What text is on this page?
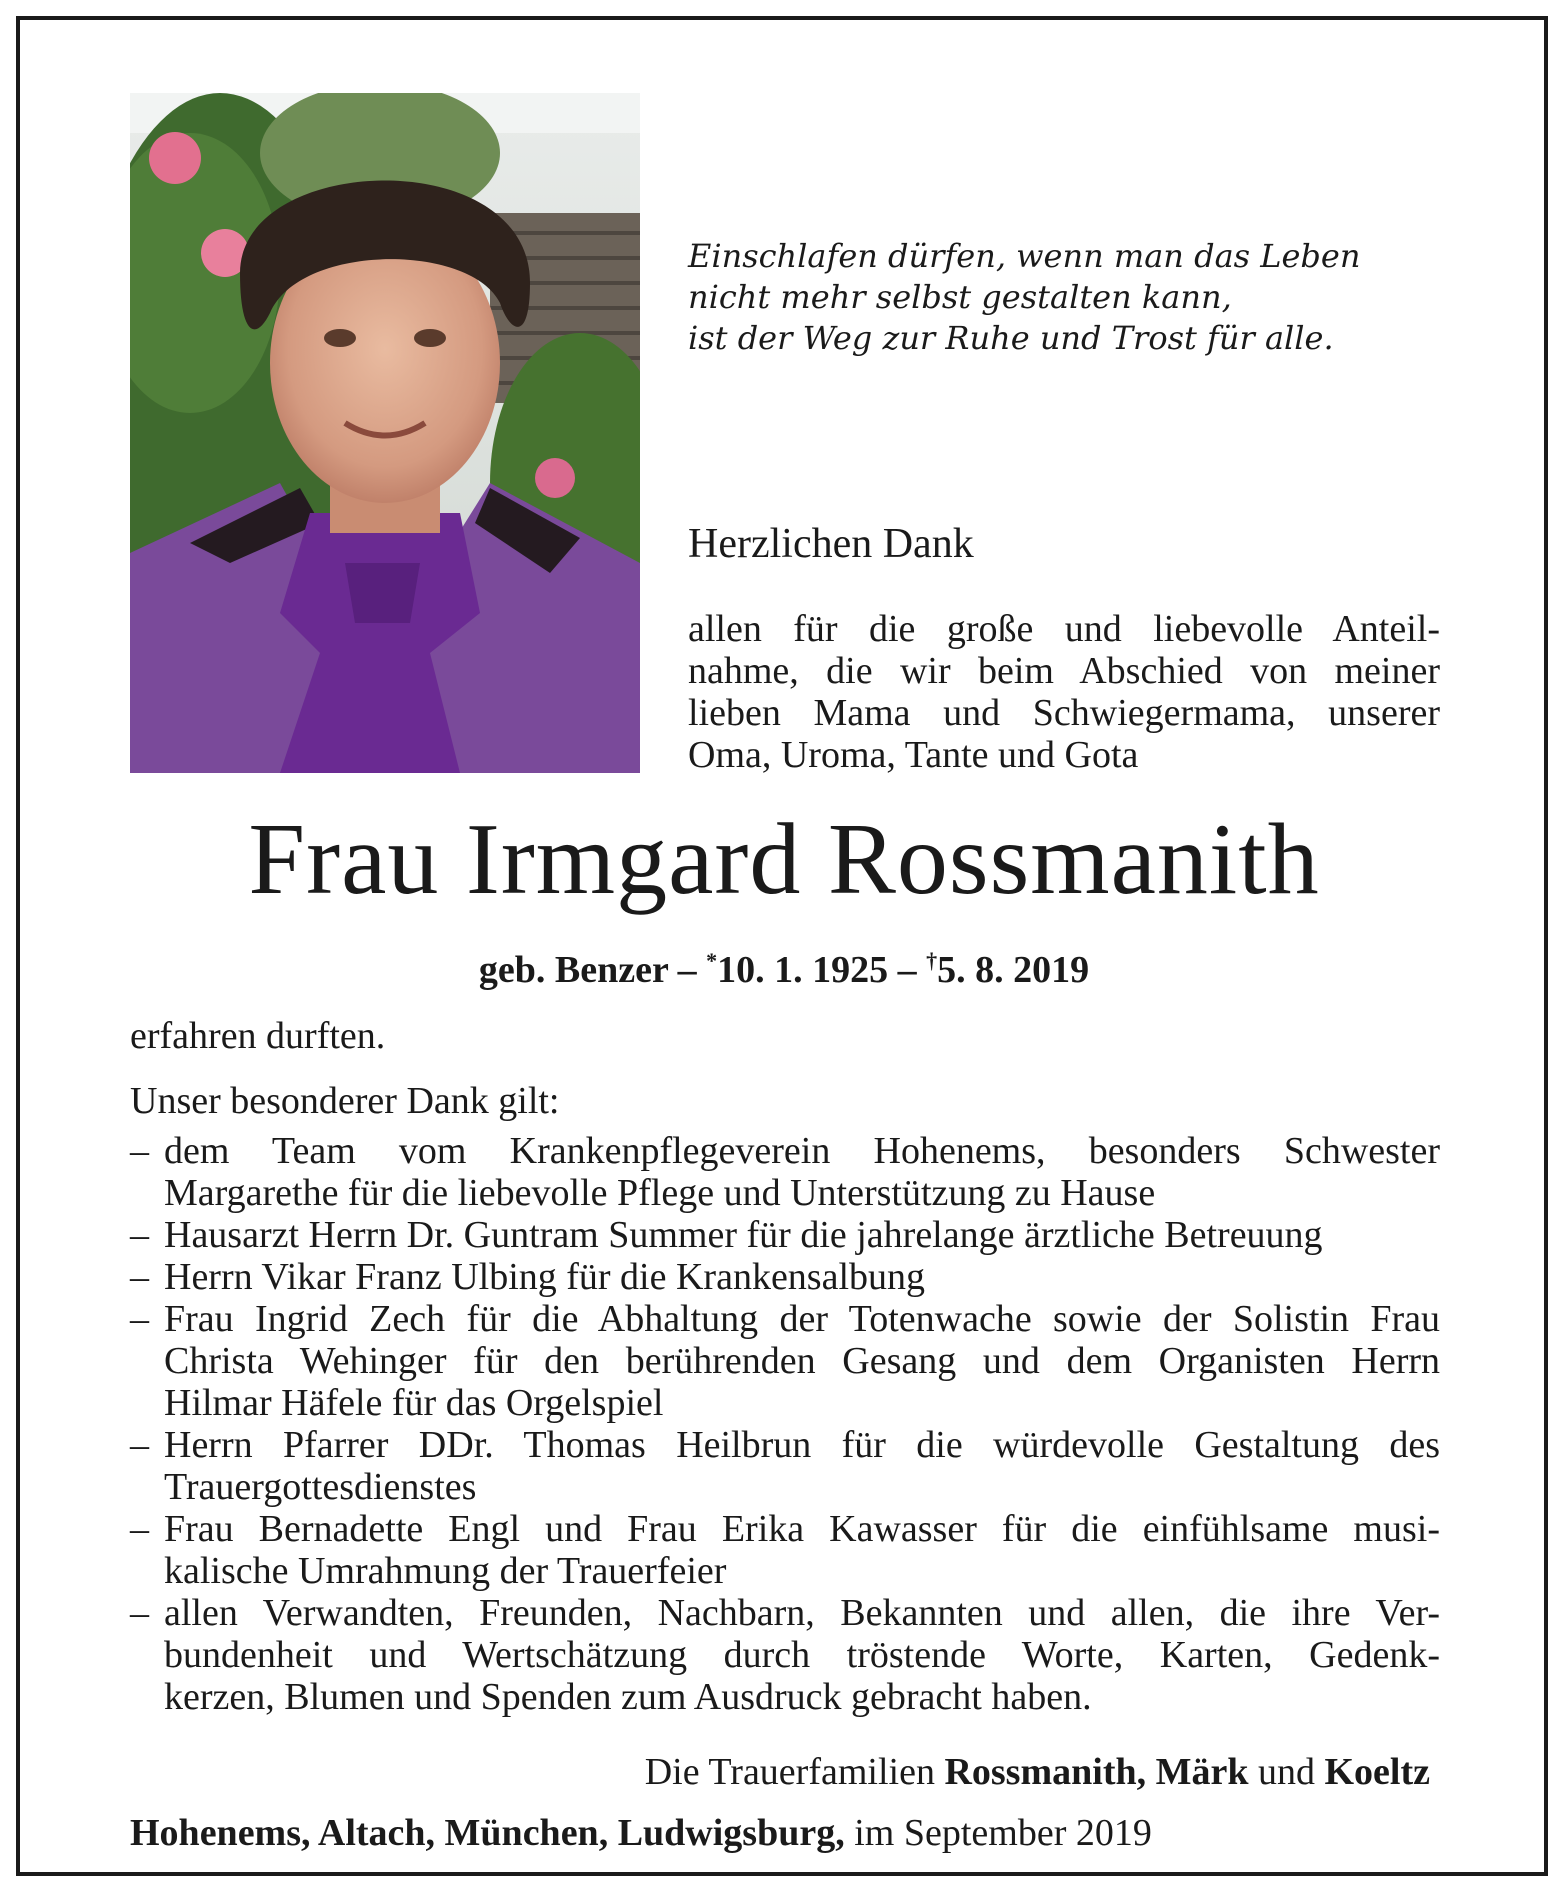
Einschlafen dürfen, wenn man das Leben
nicht mehr selbst gestalten kann,
ist der Weg zur Ruhe und Trost für alle.
Herzlichen Dank
allen für die große und liebevolle Anteil-
nahme, die wir beim Abschied von meiner
lieben Mama und Schwiegermama, unserer
Oma, Uroma, Tante und Gota
Frau Irmgard Rossmanith
geb. Benzer – *10. 1. 1925 – †5. 8. 2019
erfahren durften.
Unser besonderer Dank gilt:
– dem Team vom Krankenpflegeverein Hohenems, besonders Schwester
Margarethe für die liebevolle Pflege und Unterstützung zu Hause
– Hausarzt Herrn Dr. Guntram Summer für die jahrelange ärztliche Betreuung
– Herrn Vikar Franz Ulbing für die Krankensalbung
– Frau Ingrid Zech für die Abhaltung der Totenwache sowie der Solistin Frau
Christa Wehinger für den berührenden Gesang und dem Organisten Herrn
Hilmar Häfele für das Orgelspiel
– Herrn Pfarrer DDr. Thomas Heilbrun für die würdevolle Gestaltung des
Trauergottesdienstes
– Frau Bernadette Engl und Frau Erika Kawasser für die einfühlsame musi-
kalische Umrahmung der Trauerfeier
– allen Verwandten, Freunden, Nachbarn, Bekannten und allen, die ihre Ver-
bundenheit und Wertschätzung durch tröstende Worte, Karten, Gedenk-
kerzen, Blumen und Spenden zum Ausdruck gebracht haben.
Die Trauerfamilien Rossmanith, Märk und Koeltz
Hohenems, Altach, München, Ludwigsburg, im September 2019
